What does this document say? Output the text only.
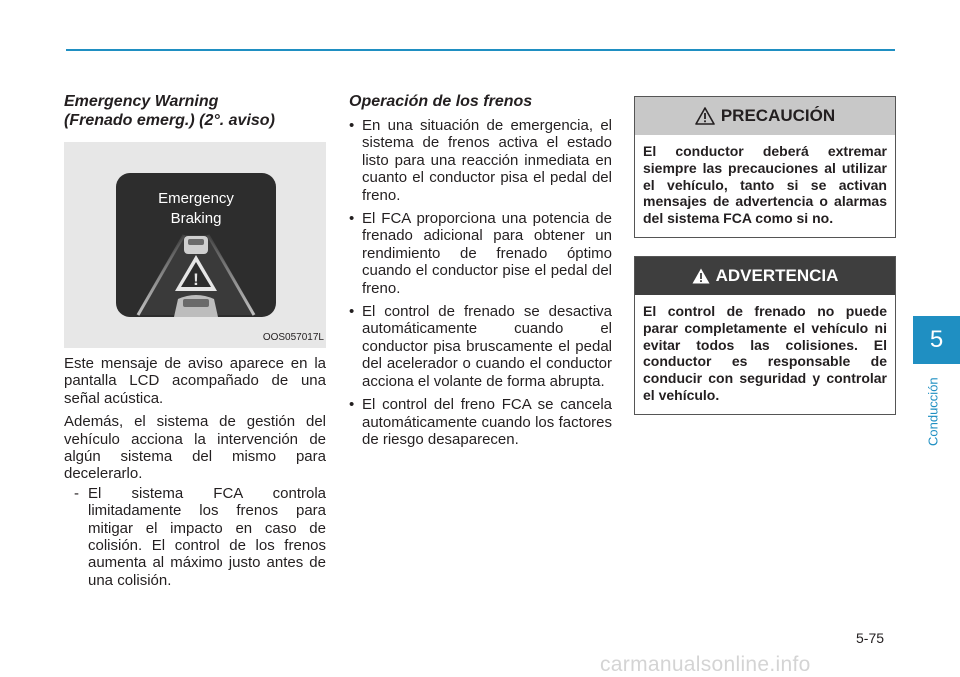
Emergency Warning
(Frenado emerg.) (2°. aviso)
!
Emergency
Braking
OOS057017L

Este mensaje de aviso aparece en la pantalla LCD acompañado de una señal acústica.

Además, el sistema de gestión del vehículo acciona la intervención de algún sistema del mismo para decelerarlo.

- El sistema FCA controla limitadamente los frenos para mitigar el impacto en caso de colisión. El control de los frenos aumenta al máximo justo antes de una colisión.
Operación de los frenos
• En una situación de emergencia, el sistema de frenos activa el estado listo para una reacción inmediata en cuanto el conductor pisa el pedal del freno.
• El FCA proporciona una potencia de frenado adicional para obtener un rendimiento de frenado óptimo cuando el conductor pise el pedal del freno.
• El control de frenado se desactiva automáticamente cuando el conductor pisa bruscamente el pedal del acelerador o cuando el conductor acciona el volante de forma abrupta.
• El control del freno FCA se cancela automáticamente cuando los factores de riesgo desaparecen.
PRECAUCIÓN
El conductor deberá extremar siempre las precauciones al utilizar el vehículo, tanto si se activan mensajes de advertencia o alarmas del sistema FCA como si no.
ADVERTENCIA
El control de frenado no puede parar completamente el vehículo ni evitar todos las colisiones. El conductor es responsable de conducir con seguridad y controlar el vehículo.
5
Conducción
5-75
carmanualsonline.info
